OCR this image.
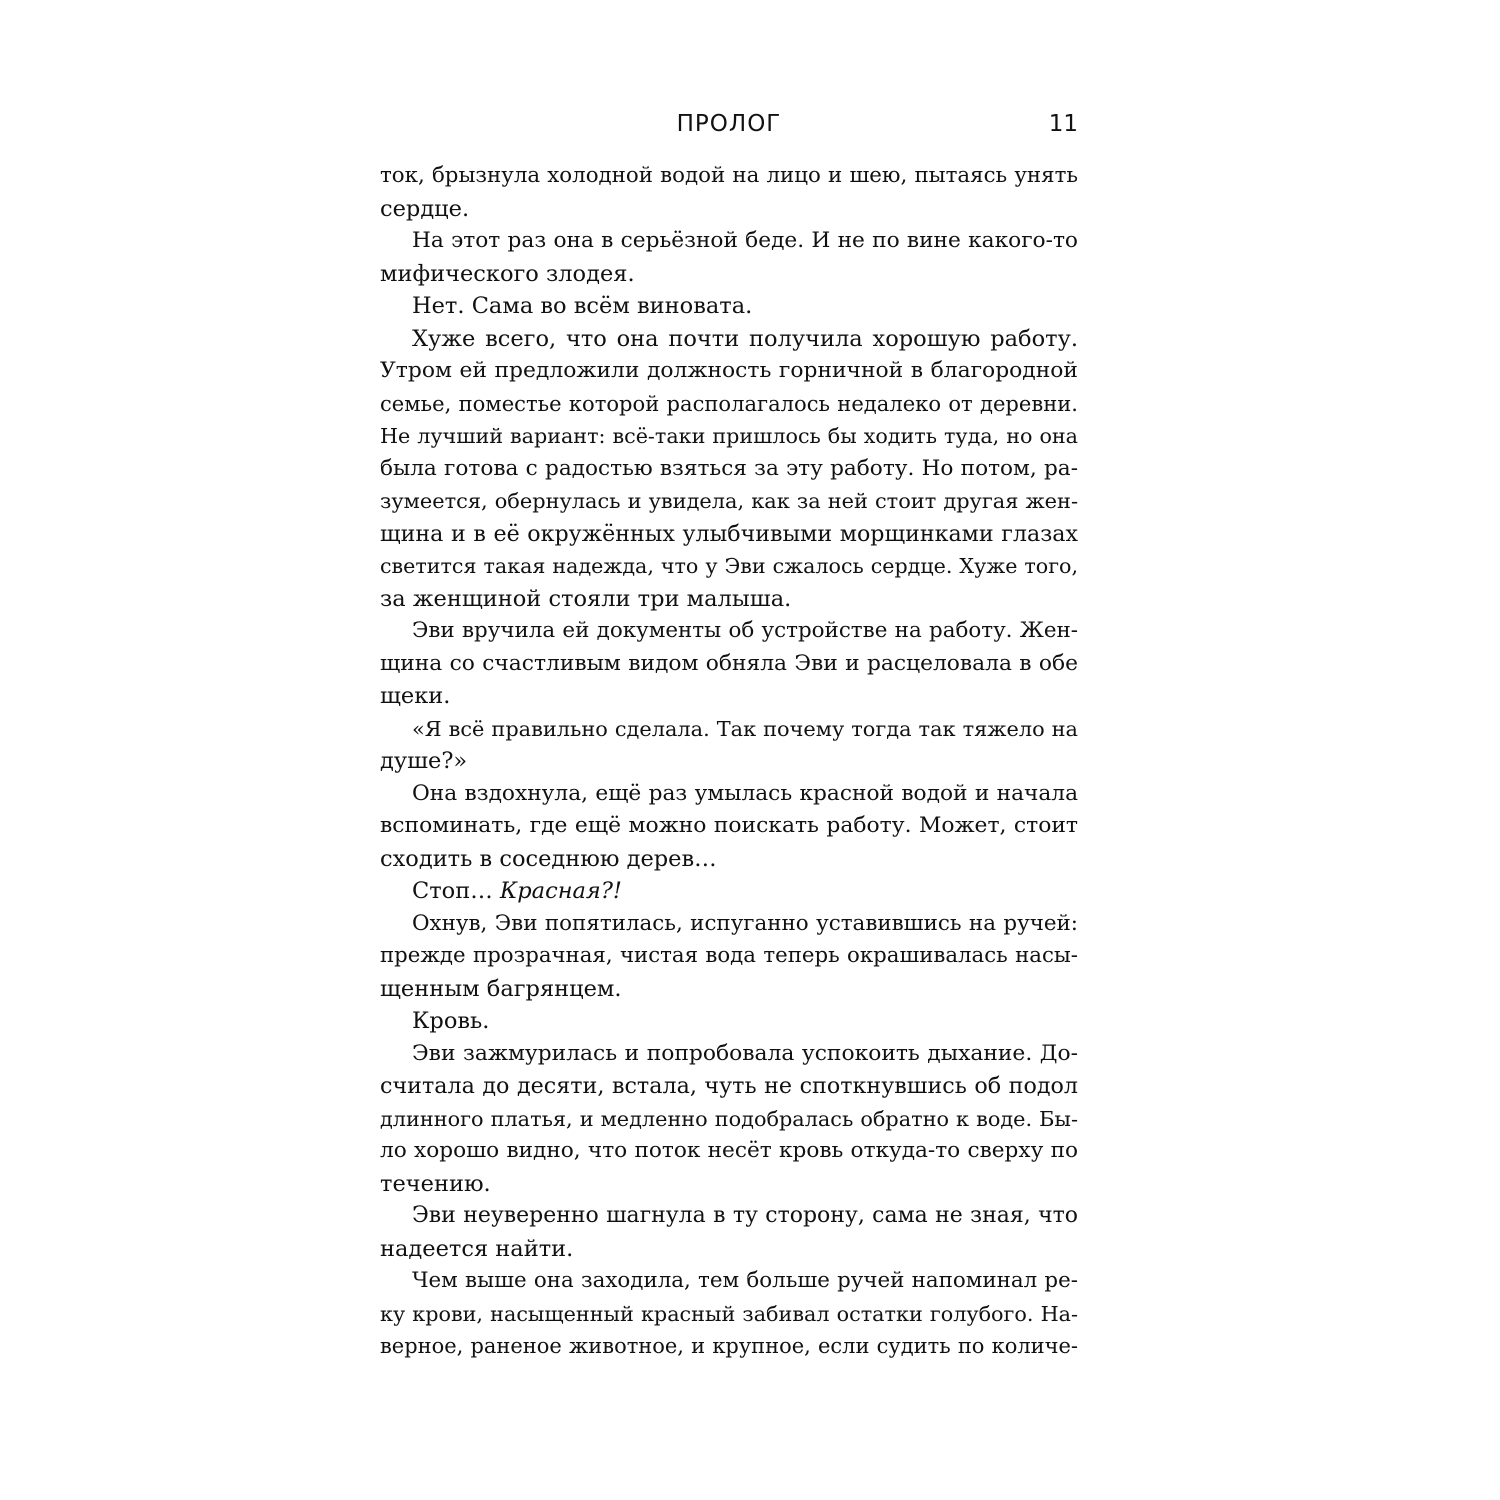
ПРОЛОГ	11
ток, брызнула холодной водой на лицо и шею, пытаясь унять
сердце.
На этот раз она в серьёзной беде. И не по вине какого-то
мифического злодея.
Нет. Сама во всём виновата.
Хуже всего, что она почти получила хорошую работу.
Утром ей предложили должность горничной в благородной
семье, поместье которой располагалось недалеко от деревни.
Не лучший вариант: всё-таки пришлось бы ходить туда, но она
была готова с радостью взяться за эту работу. Но потом, ра-
зумеется, обернулась и увидела, как за ней стоит другая жен-
щина и в её окружённых улыбчивыми морщинками глазах
светится такая надежда, что у Эви сжалось сердце. Хуже того,
за женщиной стояли три малыша.
Эви вручила ей документы об устройстве на работу. Жен-
щина со счастливым видом обняла Эви и расцеловала в обе
щеки.
«Я всё правильно сделала. Так почему тогда так тяжело на
душе?»
Она вздохнула, ещё раз умылась красной водой и начала
вспоминать, где ещё можно поискать работу. Может, стоит
сходить в соседнюю дерев…
Стоп… Красная?!
Охнув, Эви попятилась, испуганно уставившись на ручей:
прежде прозрачная, чистая вода теперь окрашивалась насы-
щенным багрянцем.
Кровь.
Эви зажмурилась и попробовала успокоить дыхание. До-
считала до десяти, встала, чуть не споткнувшись об подол
длинного платья, и медленно подобралась обратно к воде. Бы-
ло хорошо видно, что поток несёт кровь откуда-то сверху по
течению.
Эви неуверенно шагнула в ту сторону, сама не зная, что
надеется найти.
Чем выше она заходила, тем больше ручей напоминал ре-
ку крови, насыщенный красный забивал остатки голубого. На-
верное, раненое животное, и крупное, если судить по количе-
